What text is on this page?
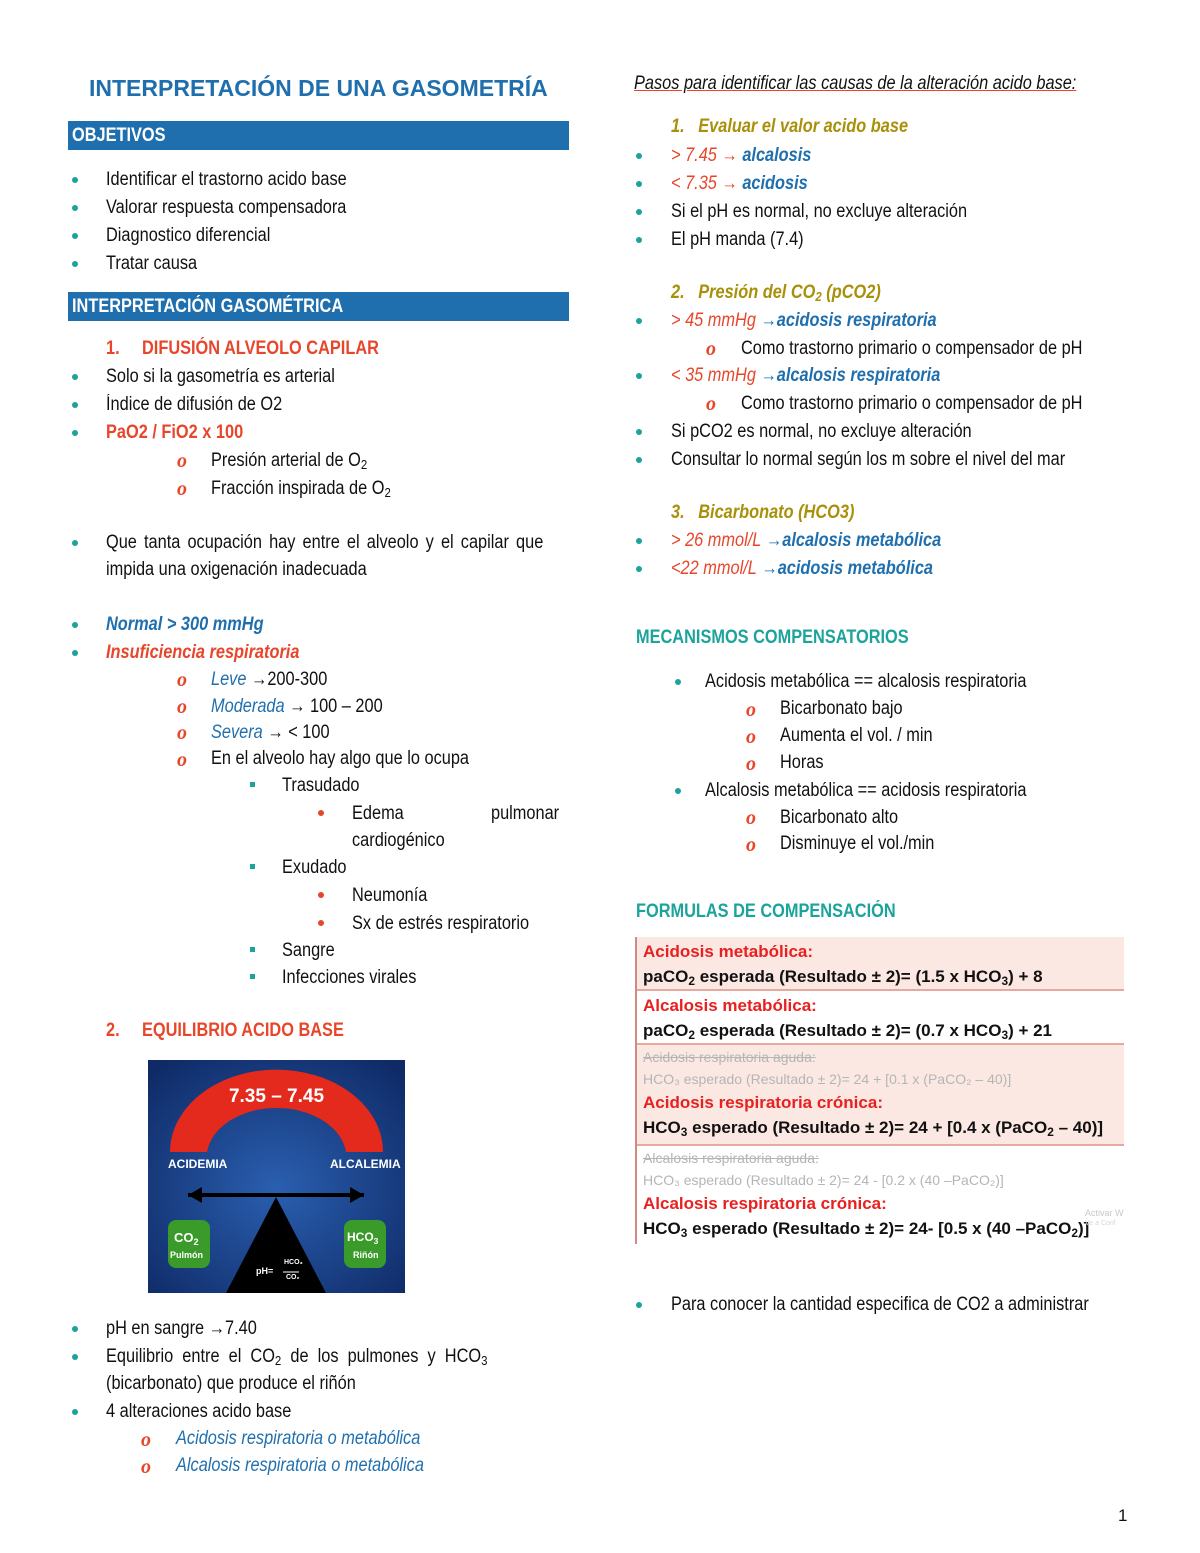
INTERPRETACIÓN DE UNA GASOMETRÍA
OBJETIVOS
Identificar el trastorno acido base
Valorar respuesta compensadora
Diagnostico diferencial
Tratar causa
INTERPRETACIÓN GASOMÉTRICA
1. DIFUSIÓN ALVEOLO CAPILAR
Solo si la gasometría es arterial
Índice de difusión de O2
PaO2 / FiO2 x 100
o Presión arterial de $O_2$
o Fracción inspirada de $O_2$
Que tanta ocupación hay entre el alveolo y el capilar que
impida una oxigenación inadecuada
Normal > 300 mmHg
Insuficiencia respiratoria
o Leve →200-300
o Moderada → 100 – 200
o Severa → < 100
o En el alveolo hay algo que lo ocupa
Trasudado
Edema	pulmonar
cardiogénico
Exudado
Neumonía
Sx de estrés respiratorio
Sangre
Infecciones virales
2. EQUILIBRIO ACIDO BASE
7.35 – 7.45
ACIDEMIA	ALCALEMIA
$CO_2$
Pulmón
$HCO_3$
Riñón
pH=
HCO₃
CO₂
pH en sangre →7.40
Equilibrio  entre  el  $CO_2$  de  los  pulmones  y  $HCO_3$
(bicarbonato) que produce el riñón
4 alteraciones acido base
o Acidosis respiratoria o metabólica
o Alcalosis respiratoria o metabólica
Pasos para identificar las causas de la alteración acido base:
1.   Evaluar el valor acido base
> 7.45 → alcalosis
< 7.35 → acidosis
Si el pH es normal, no excluye alteración
El pH manda (7.4)
2.   Presión del $CO_2$ (pCO2)
> 45 mmHg →acidosis respiratoria
o Como trastorno primario o compensador de pH
< 35 mmHg →alcalosis respiratoria
o Como trastorno primario o compensador de pH
Si pCO2 es normal, no excluye alteración
Consultar lo normal según los m sobre el nivel del mar
3.   Bicarbonato (HCO3)
> 26 mmol/L →alcalosis metabólica
<22 mmol/L →acidosis metabólica
MECANISMOS COMPENSATORIOS
Acidosis metabólica == alcalosis respiratoria
o Bicarbonato bajo
o Aumenta el vol. / min
o Horas
Alcalosis metabólica == acidosis respiratoria
o Bicarbonato alto
o Disminuye el vol./min
FORMULAS DE COMPENSACIÓN
Acidosis metabólica:
paCO$_2$ esperada (Resultado ± 2)= (1.5 x $HCO_3) + 8$
Alcalosis metabólica:
paCO$_2$ esperada (Resultado ± 2)= (0.7 x $HCO_3) + 21$
Acidosis respiratoria aguda:
HCO₃ esperado (Resultado ± 2)= 24 + [0.1 x (PaCO₂ – 40)]
Acidosis respiratoria crónica:
$HCO_3$ esperado (Resultado ± 2)= 24 + [0.4 x (PaCO$_2$ – 40)]
Alcalosis respiratoria aguda:
HCO₃ esperado (Resultado ± 2)= 24 - [0.2 x (40 –PaCO₂)]
Alcalosis respiratoria crónica:
$HCO_3$ esperado (Resultado ± 2)= 24- [0.5 x (40 –PaCO$_2$)]
Activar W
Ve a Conf
Para conocer la cantidad especifica de CO2 a administrar
1
